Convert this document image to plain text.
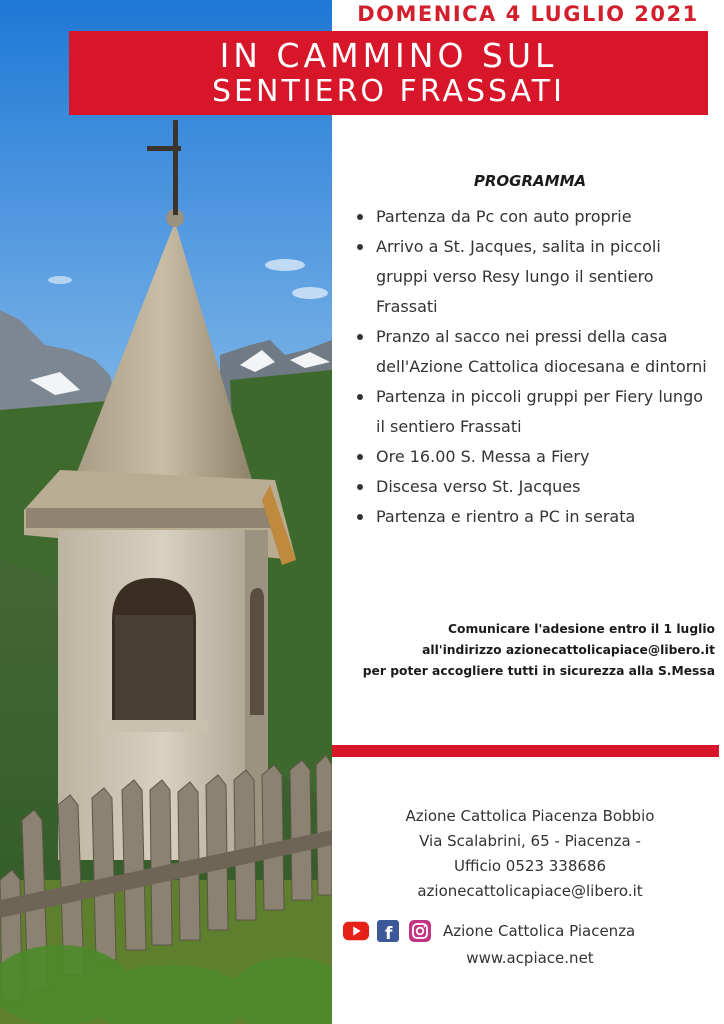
DOMENICA 4 LUGLIO 2021
IN CAMMINO SUL
SENTIERO FRASSATI
PROGRAMMA
Partenza da Pc con auto proprie
Arrivo a St. Jacques, salita in piccoli gruppi verso Resy lungo il sentiero Frassati
Pranzo al sacco nei pressi della casa dell'Azione Cattolica diocesana e dintorni
Partenza in piccoli gruppi per Fiery lungo il sentiero Frassati
Ore 16.00 S. Messa a Fiery
Discesa verso St. Jacques
Partenza e rientro a PC in serata
Comunicare l'adesione entro il 1 luglio
all'indirizzo azionecattolicapiace@libero.it
per poter accogliere tutti in sicurezza alla S.Messa
Azione Cattolica Piacenza Bobbio
Via Scalabrini, 65 - Piacenza -
Ufficio 0523 338686
azionecattolicapiace@libero.it
f	Azione Cattolica Piacenza
www.acpiace.net
